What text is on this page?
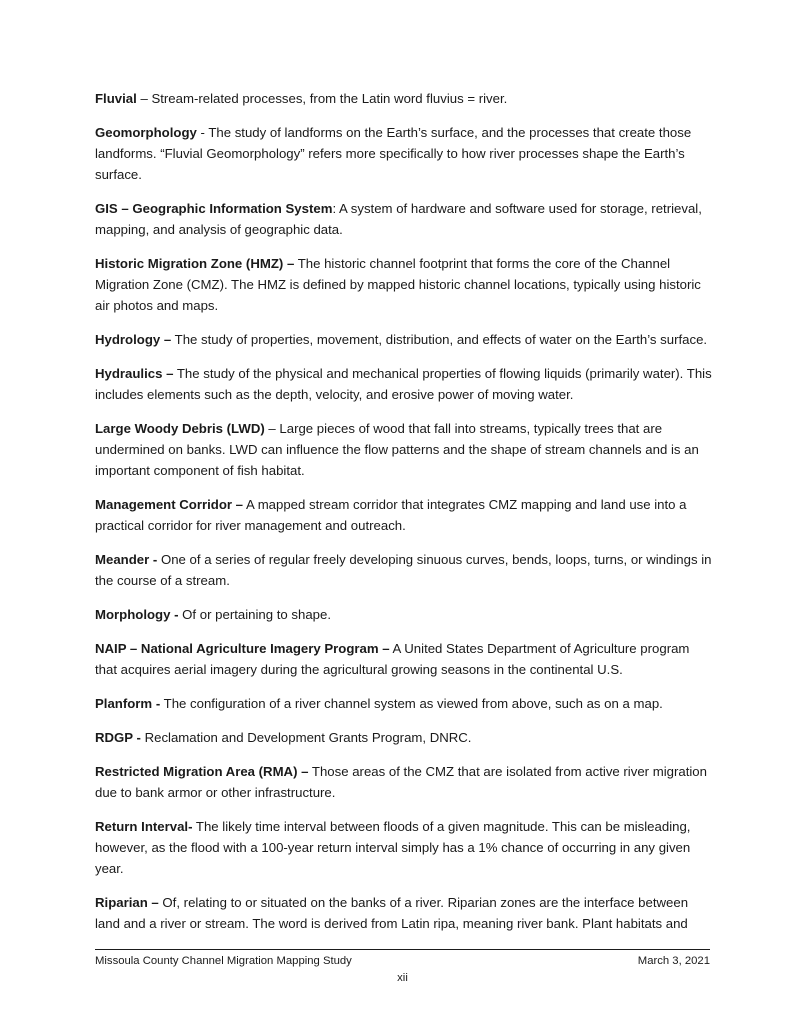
Fluvial – Stream-related processes, from the Latin word fluvius = river.

Geomorphology - The study of landforms on the Earth’s surface, and the processes that create those landforms. “Fluvial Geomorphology” refers more specifically to how river processes shape the Earth’s surface.

GIS – Geographic Information System: A system of hardware and software used for storage, retrieval, mapping, and analysis of geographic data.

Historic Migration Zone (HMZ) – The historic channel footprint that forms the core of the Channel Migration Zone (CMZ). The HMZ is defined by mapped historic channel locations, typically using historic air photos and maps.

Hydrology – The study of properties, movement, distribution, and effects of water on the Earth’s surface.

Hydraulics – The study of the physical and mechanical properties of flowing liquids (primarily water). This includes elements such as the depth, velocity, and erosive power of moving water.

Large Woody Debris (LWD) – Large pieces of wood that fall into streams, typically trees that are undermined on banks. LWD can influence the flow patterns and the shape of stream channels and is an important component of fish habitat.

Management Corridor – A mapped stream corridor that integrates CMZ mapping and land use into a practical corridor for river management and outreach.

Meander - One of a series of regular freely developing sinuous curves, bends, loops, turns, or windings in the course of a stream.

Morphology - Of or pertaining to shape.

NAIP – National Agriculture Imagery Program – A United States Department of Agriculture program that acquires aerial imagery during the agricultural growing seasons in the continental U.S.

Planform - The configuration of a river channel system as viewed from above, such as on a map.

RDGP - Reclamation and Development Grants Program, DNRC.

Restricted Migration Area (RMA) – Those areas of the CMZ that are isolated from active river migration due to bank armor or other infrastructure.

Return Interval- The likely time interval between floods of a given magnitude. This can be misleading, however, as the flood with a 100-year return interval simply has a 1% chance of occurring in any given year.

Riparian – Of, relating to or situated on the banks of a river. Riparian zones are the interface between land and a river or stream. The word is derived from Latin ripa, meaning river bank. Plant habitats and

Missoula County Channel Migration Mapping Study	March 3, 2021
xii
